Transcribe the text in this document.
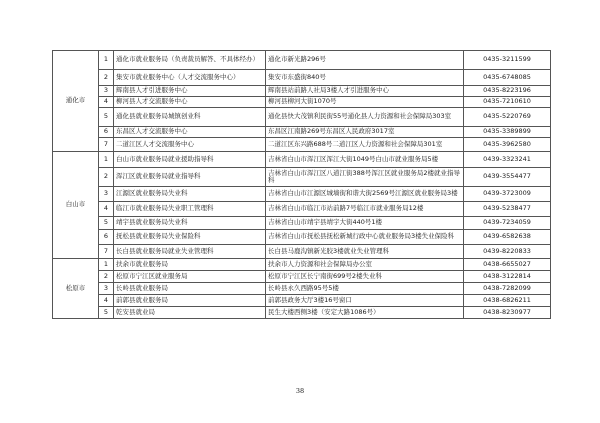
通化市	1	通化市就业服务局（负责裁员解答、不具体经办）	通化市新光路296号	0435-3211599
	2	集安市就业服务中心（人才交流服务中心）	集安市东盛街840号	0435-6748085
	3	辉南县人才引进服务中心	辉南县站前路人社局3楼人才引进服务中心	0435-8223196
	4	柳河县人才交流服务中心	柳河县柳河大街1070号	0435-7210610
	5	通化县就业服务局城镇创业科	通化县快大茂镇利民街55号通化县人力资源和社会保障局303室	0435-5220769
	6	东昌区人才交流服务中心	东昌区江南路269号东昌区人民政府3017室	0435-3389899
	7	二道江区人才交流服务中心	二道江区东兴路688号二道江区人力资源和社会保障局301室	0435-3962580
白山市	1	白山市就业服务局就业援助指导科	吉林省白山市浑江区浑江大街1049号白山市就业服务局5楼	0439-3323241
	2	浑江区就业服务局就业指导科	吉林省白山市浑江区八道江街388号浑江区就业服务局2楼就业指导科	0439-3554477
	3	江源区就业服务局失业科	吉林省白山市江源区城墙街和谐大街2569号江源区就业服务局3楼	0439-3723009
	4	临江市就业服务局失业职工管理科	吉林省白山市临江市站前路7号临江市就业服务局12楼	0439-5238477
	5	靖宇县就业服务局失业科	吉林省白山市靖宇县靖宇大街440号1楼	0439-7234059
	6	抚松县就业服务局失业保险科	吉林省白山市抚松县抚松新城行政中心就业服务局3楼失业保险科	0439-6582638
	7	长白县就业服务局就业失业管理科	长白县马鹿沟镇新光胶3楼就业失业管理科	0439-8220833
松原市	1	扶余市就业服务局	扶余市人力资源和社会保障局办公室	0438-6655027
	2	松原市宁江区就业服务局	松原市宁江区长宁南街699号2楼失业科	0438-3122814
	3	长岭县就业服务局	长岭县永久西路95号5楼	0438-7282099
	4	前郭县就业服务局	前郭县政务大厅3楼16号窗口	0438-6826211
	5	乾安县就业局	民生大楼西侧3楼（安定大路1086号）	0438-8230977
38
